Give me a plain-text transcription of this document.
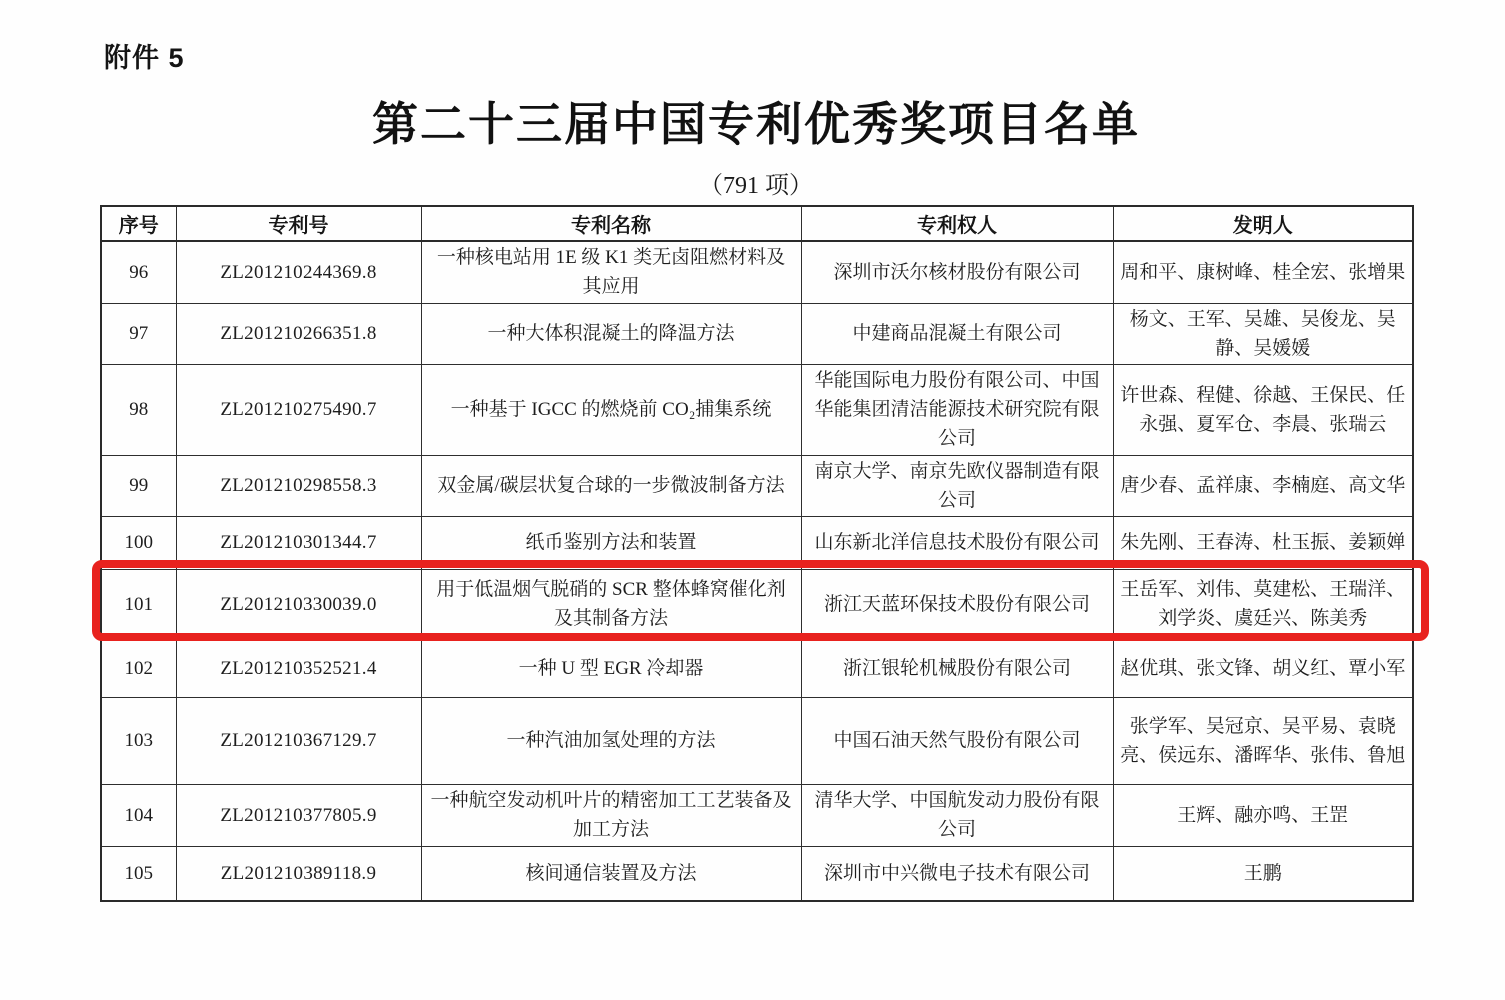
附件 5
第二十三届中国专利优秀奖项目名单
（791 项）
序号	专利号	专利名称	专利权人	发明人
96	ZL201210244369.8	一种核电站用 1E 级 K1 类无卤阻燃材料及其应用	深圳市沃尔核材股份有限公司	周和平、康树峰、桂全宏、张增果
97	ZL201210266351.8	一种大体积混凝土的降温方法	中建商品混凝土有限公司	杨文、王军、吴雄、吴俊龙、吴静、吴媛媛
98	ZL201210275490.7	一种基于 IGCC 的燃烧前 CO₂捕集系统	华能国际电力股份有限公司、中国华能集团清洁能源技术研究院有限公司	许世森、程健、徐越、王保民、任永强、夏军仓、李晨、张瑞云
99	ZL201210298558.3	双金属/碳层状复合球的一步微波制备方法	南京大学、南京先欧仪器制造有限公司	唐少春、孟祥康、李楠庭、高文华
100	ZL201210301344.7	纸币鉴别方法和装置	山东新北洋信息技术股份有限公司	朱先刚、王春涛、杜玉振、姜颖婵
101	ZL201210330039.0	用于低温烟气脱硝的 SCR 整体蜂窝催化剂及其制备方法	浙江天蓝环保技术股份有限公司	王岳军、刘伟、莫建松、王瑞洋、刘学炎、虞廷兴、陈美秀
102	ZL201210352521.4	一种 U 型 EGR 冷却器	浙江银轮机械股份有限公司	赵优琪、张文锋、胡义红、覃小军
103	ZL201210367129.7	一种汽油加氢处理的方法	中国石油天然气股份有限公司	张学军、吴冠京、吴平易、袁晓亮、侯远东、潘晖华、张伟、鲁旭
104	ZL201210377805.9	一种航空发动机叶片的精密加工工艺装备及加工方法	清华大学、中国航发动力股份有限公司	王辉、融亦鸣、王罡
105	ZL201210389118.9	核间通信装置及方法	深圳市中兴微电子技术有限公司	王鹏
